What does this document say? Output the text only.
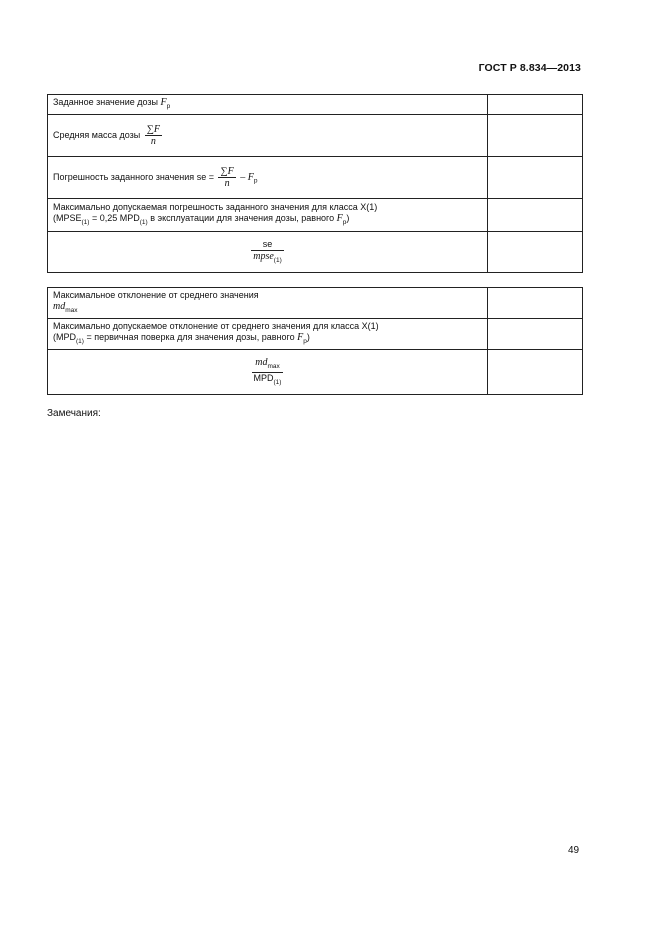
ГОСТ Р 8.834—2013
Заданное значение дозы $F_p$	
Средняя масса дозы $\frac{\sum F}{n}$

Погрешность заданного значения se = $\frac{\sum F}{n} - F_p$	

Максимально допускаемая погрешность заданного значения для класса X(1)
($MPSE_{(1)} = 0,25$ $MPD_{(1)}$ в эксплуатации для значения дозы, равного $F_p$)	

$\frac{se}{mpse_{(1)}}$

Максимальное отклонение от среднего значения
$md_{max}$

Максимально допускаемое отклонение от среднего значения для класса X(1)
($MPD_{(1)}$ = первичная поверка для значения дозы, равного $F_p$)	

$\frac{md_{max}}{MPD_{(1)}}$

Замечания:
49
